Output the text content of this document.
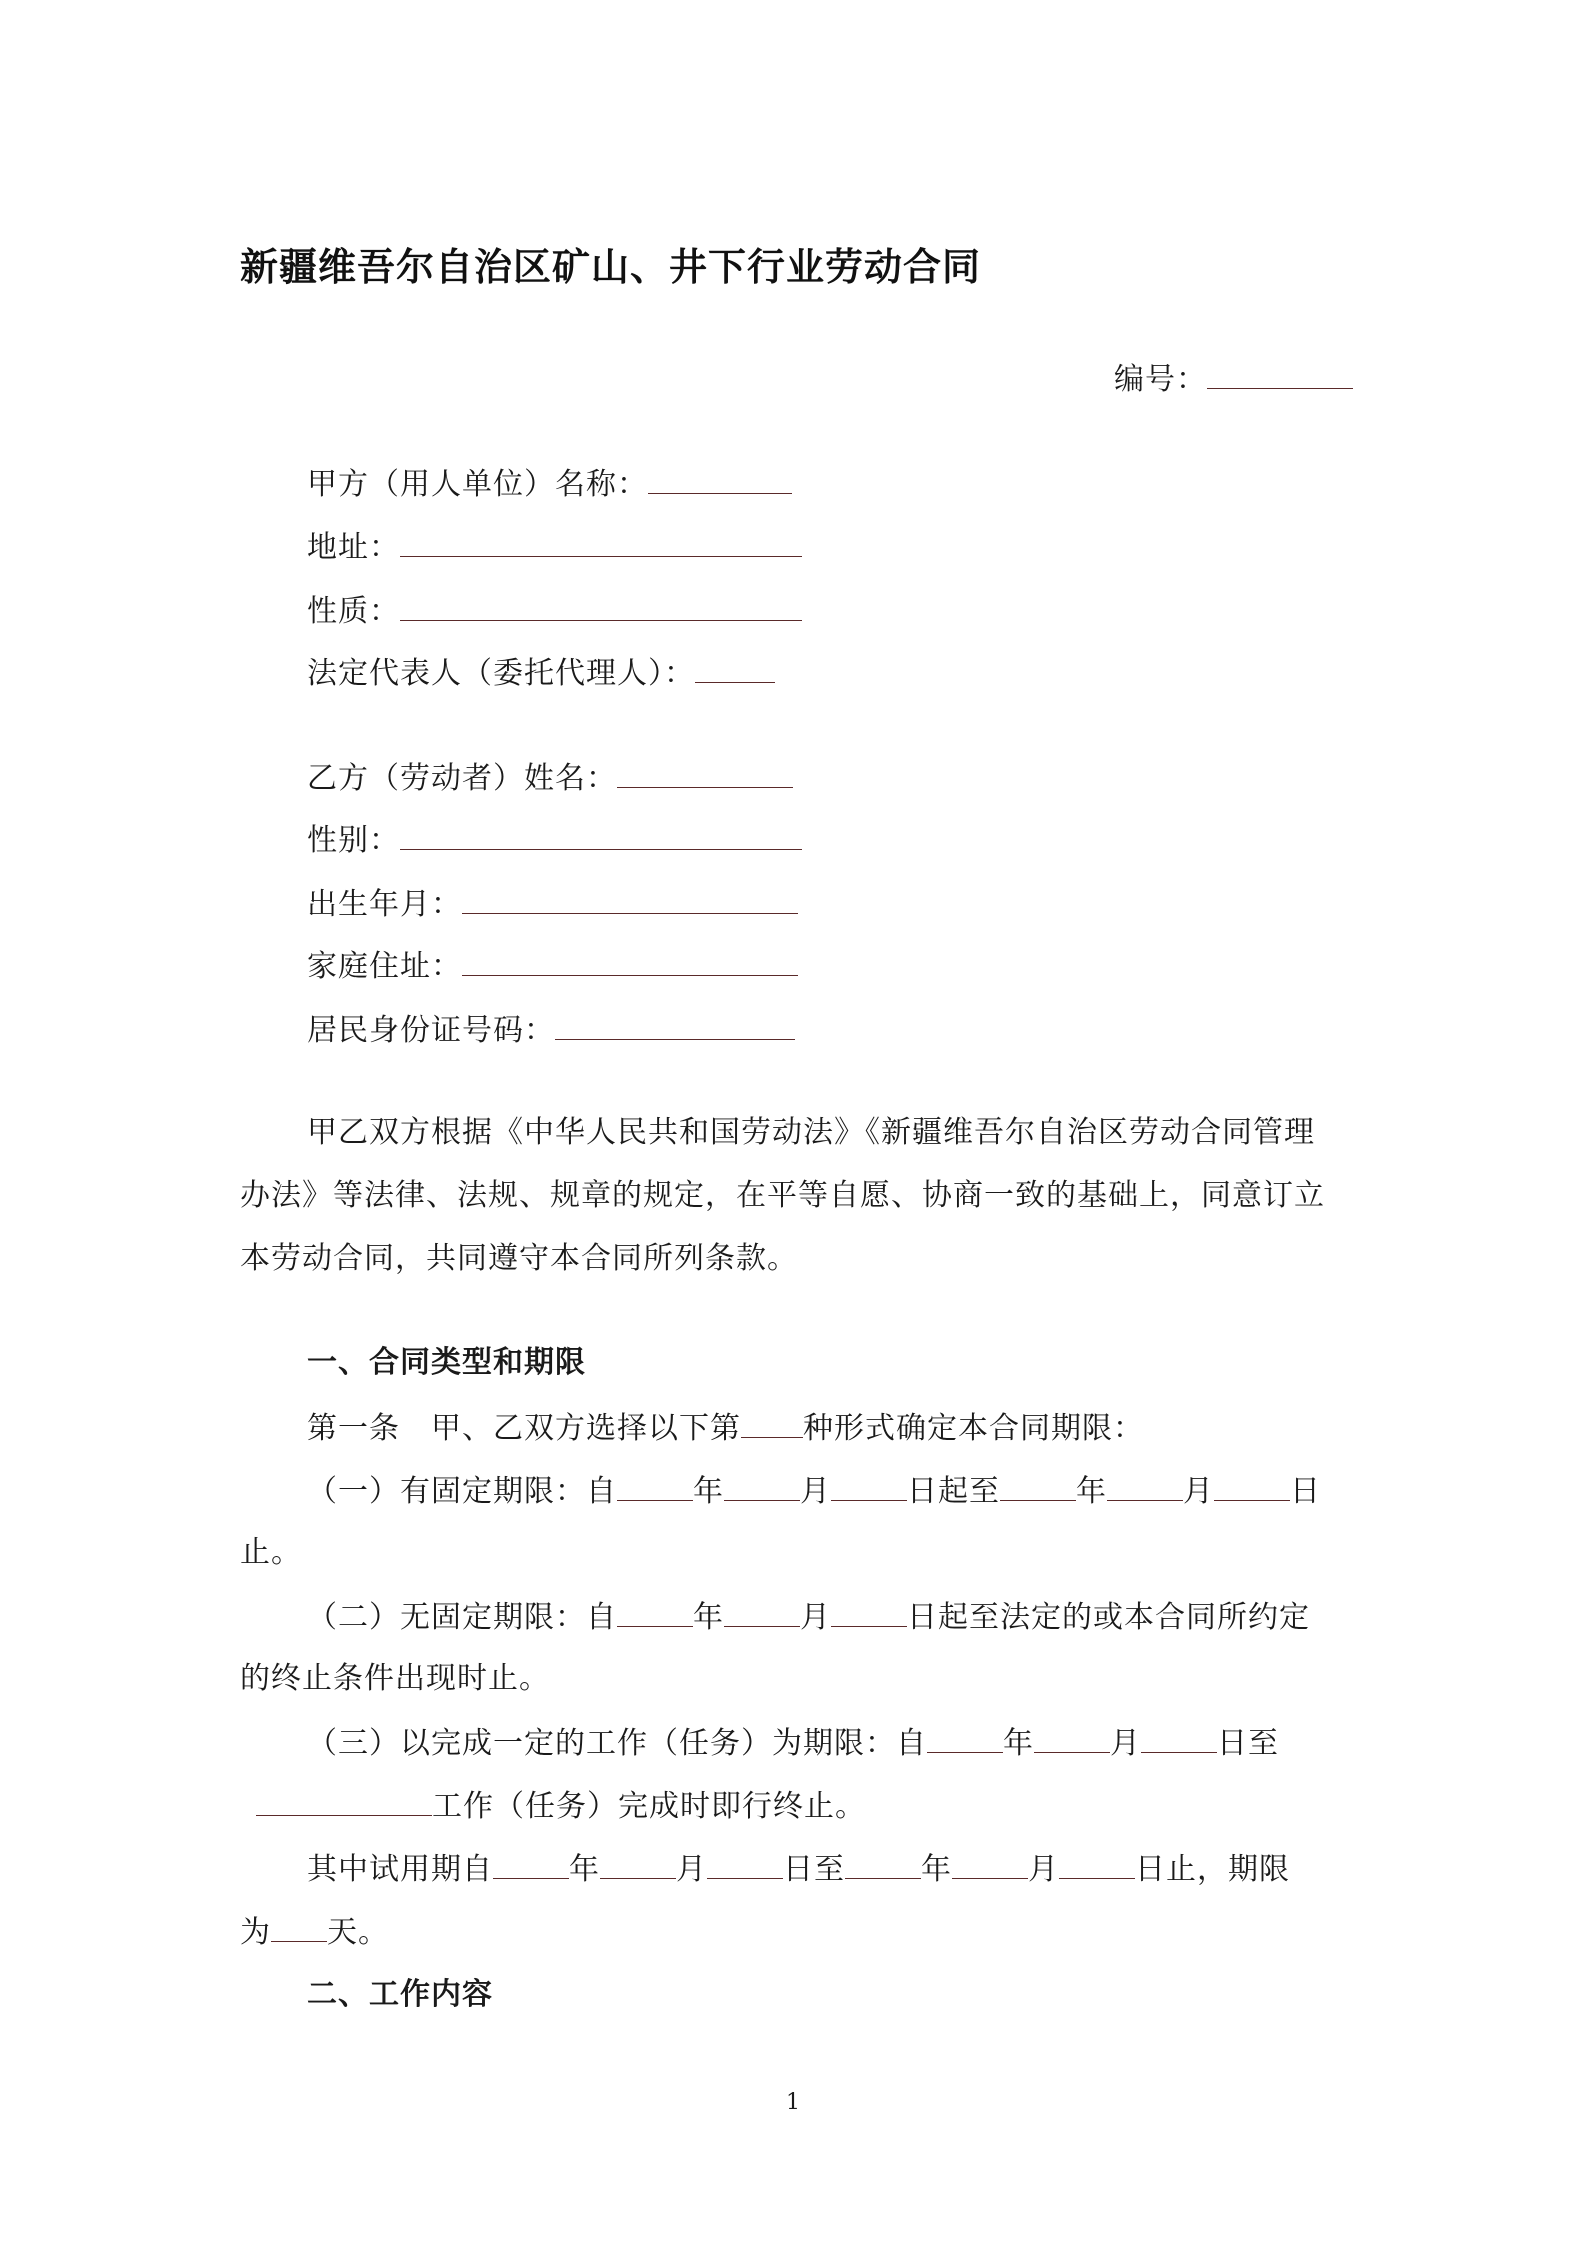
新疆维吾尔自治区矿山、井下行业劳动合同
编号：
甲方（用人单位）名称：
地址：
性质：
法定代表人（委托代理人）：
乙方（劳动者）姓名：
性别：
出生年月：
家庭住址：
居民身份证号码：
甲乙双方根据《中华人民共和国劳动法》《新疆维吾尔自治区劳动合同管理
办法》等法律、法规、规章的规定，在平等自愿、协商一致的基础上，同意订立
本劳动合同，共同遵守本合同所列条款。
一、合同类型和期限
第一条　甲、乙双方选择以下第 种形式确定本合同期限：
（一）有固定期限：自	年	月	日起至	年	月	日
止。
（二）无固定期限：自	年	月	日起至法定的或本合同所约定
的终止条件出现时止。
（三）以完成一定的工作（任务）为期限：自	年	月	日至
工作（任务）完成时即行终止。
其中试用期自	年	月	日至	年	月	日止，期限
为 天。
二、工作内容
1
